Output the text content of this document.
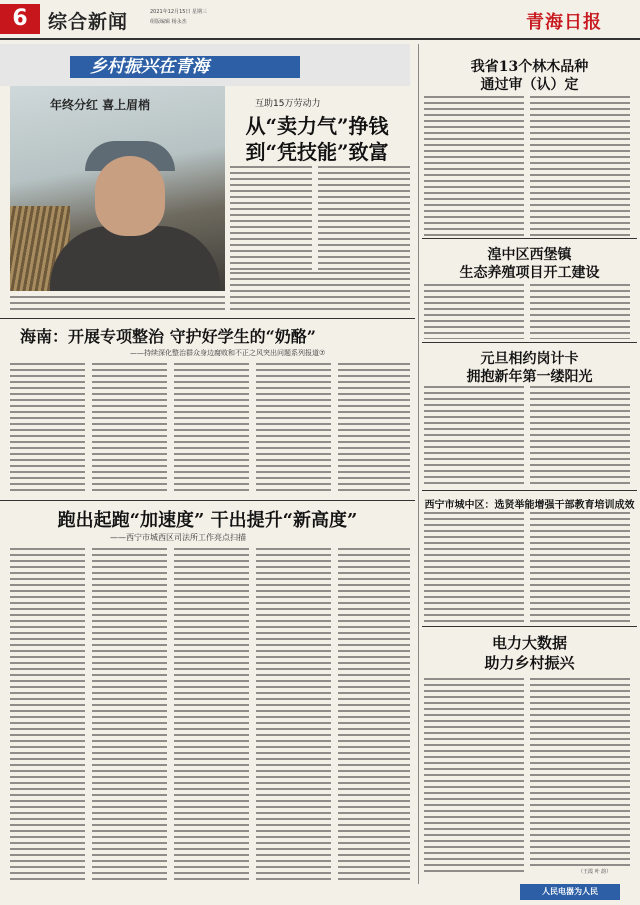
6	综合新闻	2021年12月15日 星期三
组版编辑 杨永杰	青海日报
乡村振兴在青海
年终分红 喜上眉梢	互助15万劳动力
从“卖力气”挣钱
到“凭技能”致富
海南：开展专项整治 守护好学生的“奶酪”
——持续深化整治群众身边腐败和不正之风突出问题系列报道⑦
跑出起跑“加速度” 干出提升“新高度”
——西宁市城西区司法所工作亮点扫描
我省13个林木品种
通过审（认）定
湟中区西堡镇
生态养殖项目开工建设
元旦相约岗计卡
拥抱新年第一缕阳光
西宁市城中区：选贤举能增强干部教育培训成效
电力大数据
助力乡村振兴
（王霞 叶 韵）
人民电器为人民
